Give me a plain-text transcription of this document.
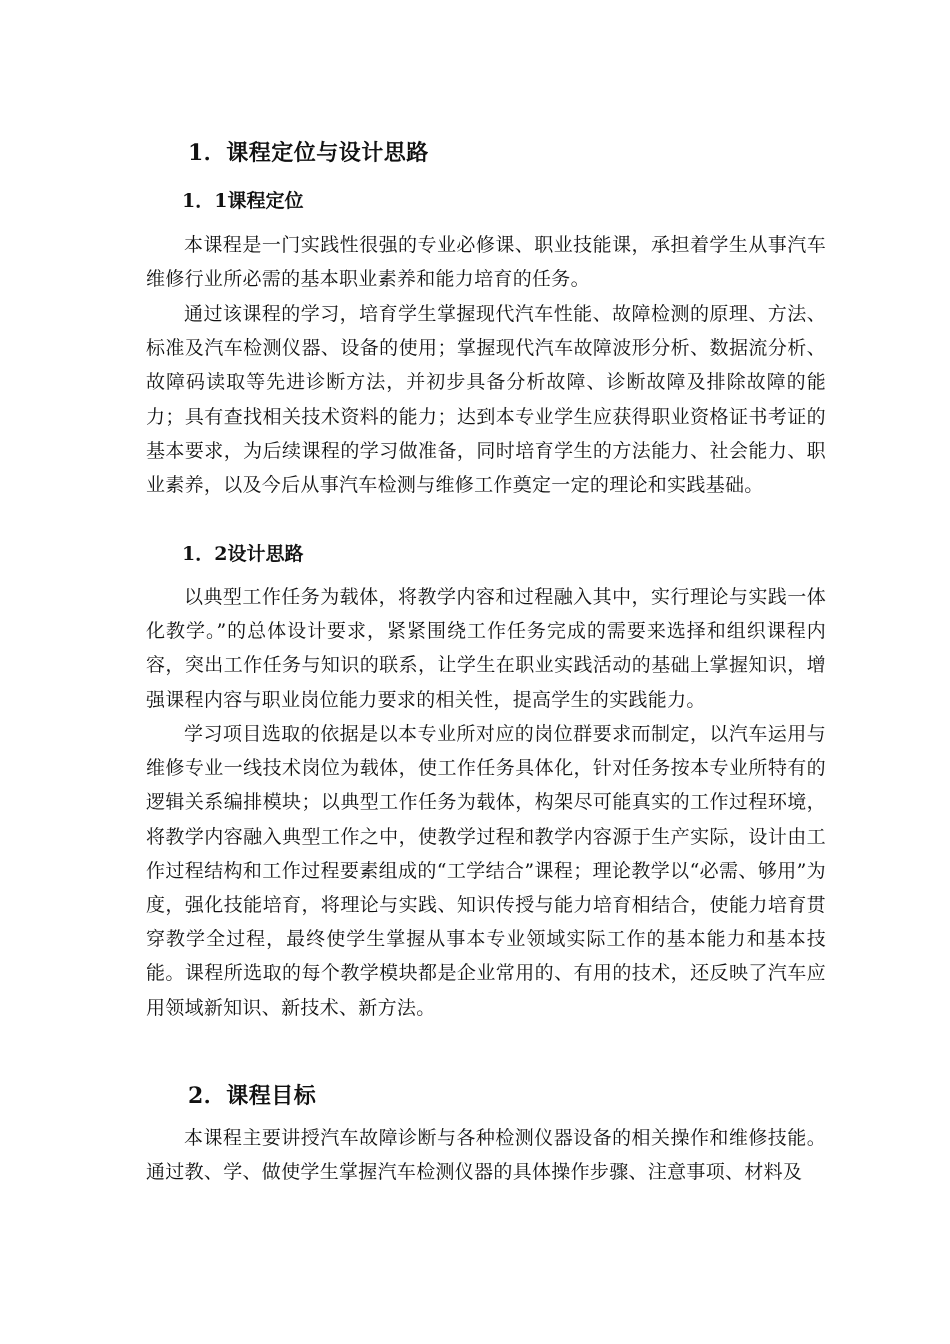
1．课程定位与设计思路
1．1课程定位

本课程是一门实践性很强的专业必修课、职业技能课，承担着学生从事汽车维修行业所必需的基本职业素养和能力培育的任务。

通过该课程的学习，培育学生掌握现代汽车性能、故障检测的原理、方法、标准及汽车检测仪器、设备的使用；掌握现代汽车故障波形分析、数据流分析、故障码读取等先进诊断方法，并初步具备分析故障、诊断故障及排除故障的能力；具有查找相关技术资料的能力；达到本专业学生应获得职业资格证书考证的基本要求，为后续课程的学习做准备，同时培育学生的方法能力、社会能力、职业素养，以及今后从事汽车检测与维修工作奠定一定的理论和实践基础。

1．2设计思路

以典型工作任务为载体，将教学内容和过程融入其中，实行理论与实践一体化教学。”的总体设计要求，紧紧围绕工作任务完成的需要来选择和组织课程内容，突出工作任务与知识的联系，让学生在职业实践活动的基础上掌握知识，增强课程内容与职业岗位能力要求的相关性，提高学生的实践能力。

学习项目选取的依据是以本专业所对应的岗位群要求而制定，以汽车运用与维修专业一线技术岗位为载体，使工作任务具体化，针对任务按本专业所特有的逻辑关系编排模块；以典型工作任务为载体，构架尽可能真实的工作过程环境，将教学内容融入典型工作之中，使教学过程和教学内容源于生产实际，设计由工作过程结构和工作过程要素组成的“工学结合”课程；理论教学以“必需、够用”为度，强化技能培育，将理论与实践、知识传授与能力培育相结合，使能力培育贯穿教学全过程，最终使学生掌握从事本专业领域实际工作的基本能力和基本技能。课程所选取的每个教学模块都是企业常用的、有用的技术，还反映了汽车应用领域新知识、新技术、新方法。

2．课程目标

本课程主要讲授汽车故障诊断与各种检测仪器设备的相关操作和维修技能。通过教、学、做使学生掌握汽车检测仪器的具体操作步骤、注意事项、材料及
